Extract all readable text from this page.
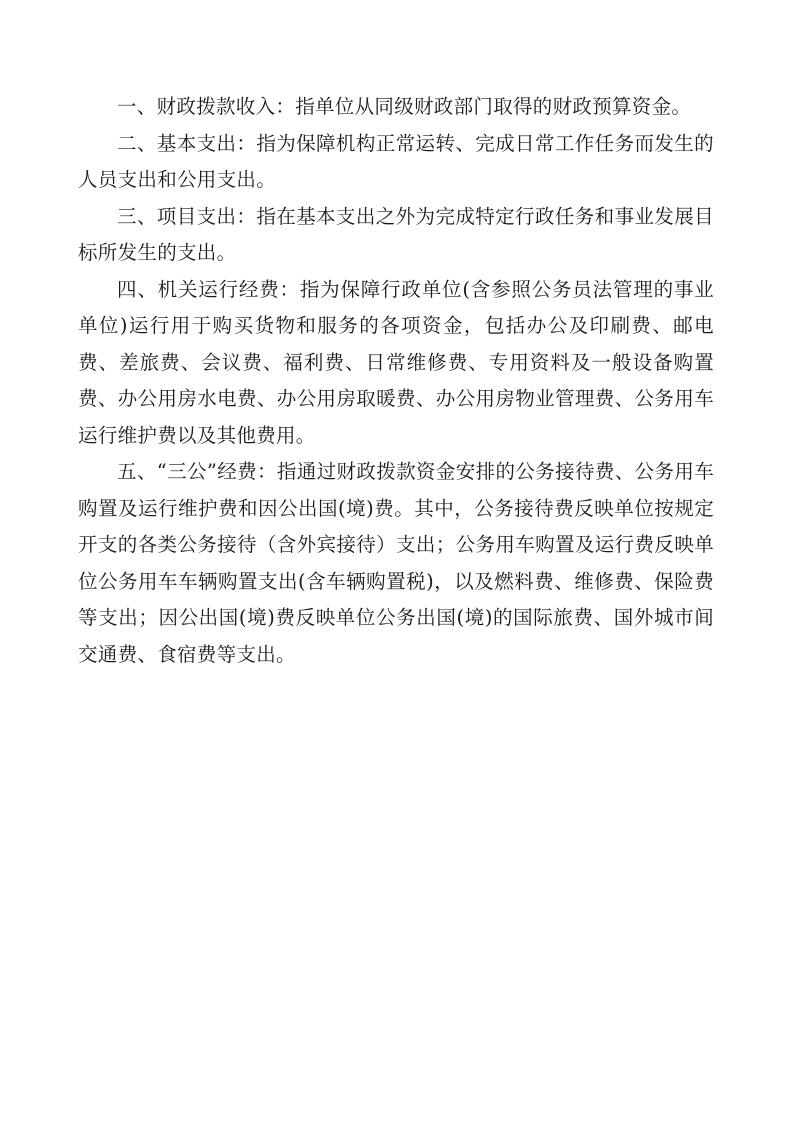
一、财政拨款收入：指单位从同级财政部门取得的财政预算资金。

二、基本支出：指为保障机构正常运转、完成日常工作任务而发生的人员支出和公用支出。

三、项目支出：指在基本支出之外为完成特定行政任务和事业发展目标所发生的支出。

四、机关运行经费：指为保障行政单位(含参照公务员法管理的事业单位)运行用于购买货物和服务的各项资金，包括办公及印刷费、邮电费、差旅费、会议费、福利费、日常维修费、专用资料及一般设备购置费、办公用房水电费、办公用房取暖费、办公用房物业管理费、公务用车运行维护费以及其他费用。

五、“三公”经费：指通过财政拨款资金安排的公务接待费、公务用车购置及运行维护费和因公出国(境)费。其中，公务接待费反映单位按规定开支的各类公务接待（含外宾接待）支出；公务用车购置及运行费反映单位公务用车车辆购置支出(含车辆购置税)，以及燃料费、维修费、保险费等支出；因公出国(境)费反映单位公务出国(境)的国际旅费、国外城市间交通费、食宿费等支出。
